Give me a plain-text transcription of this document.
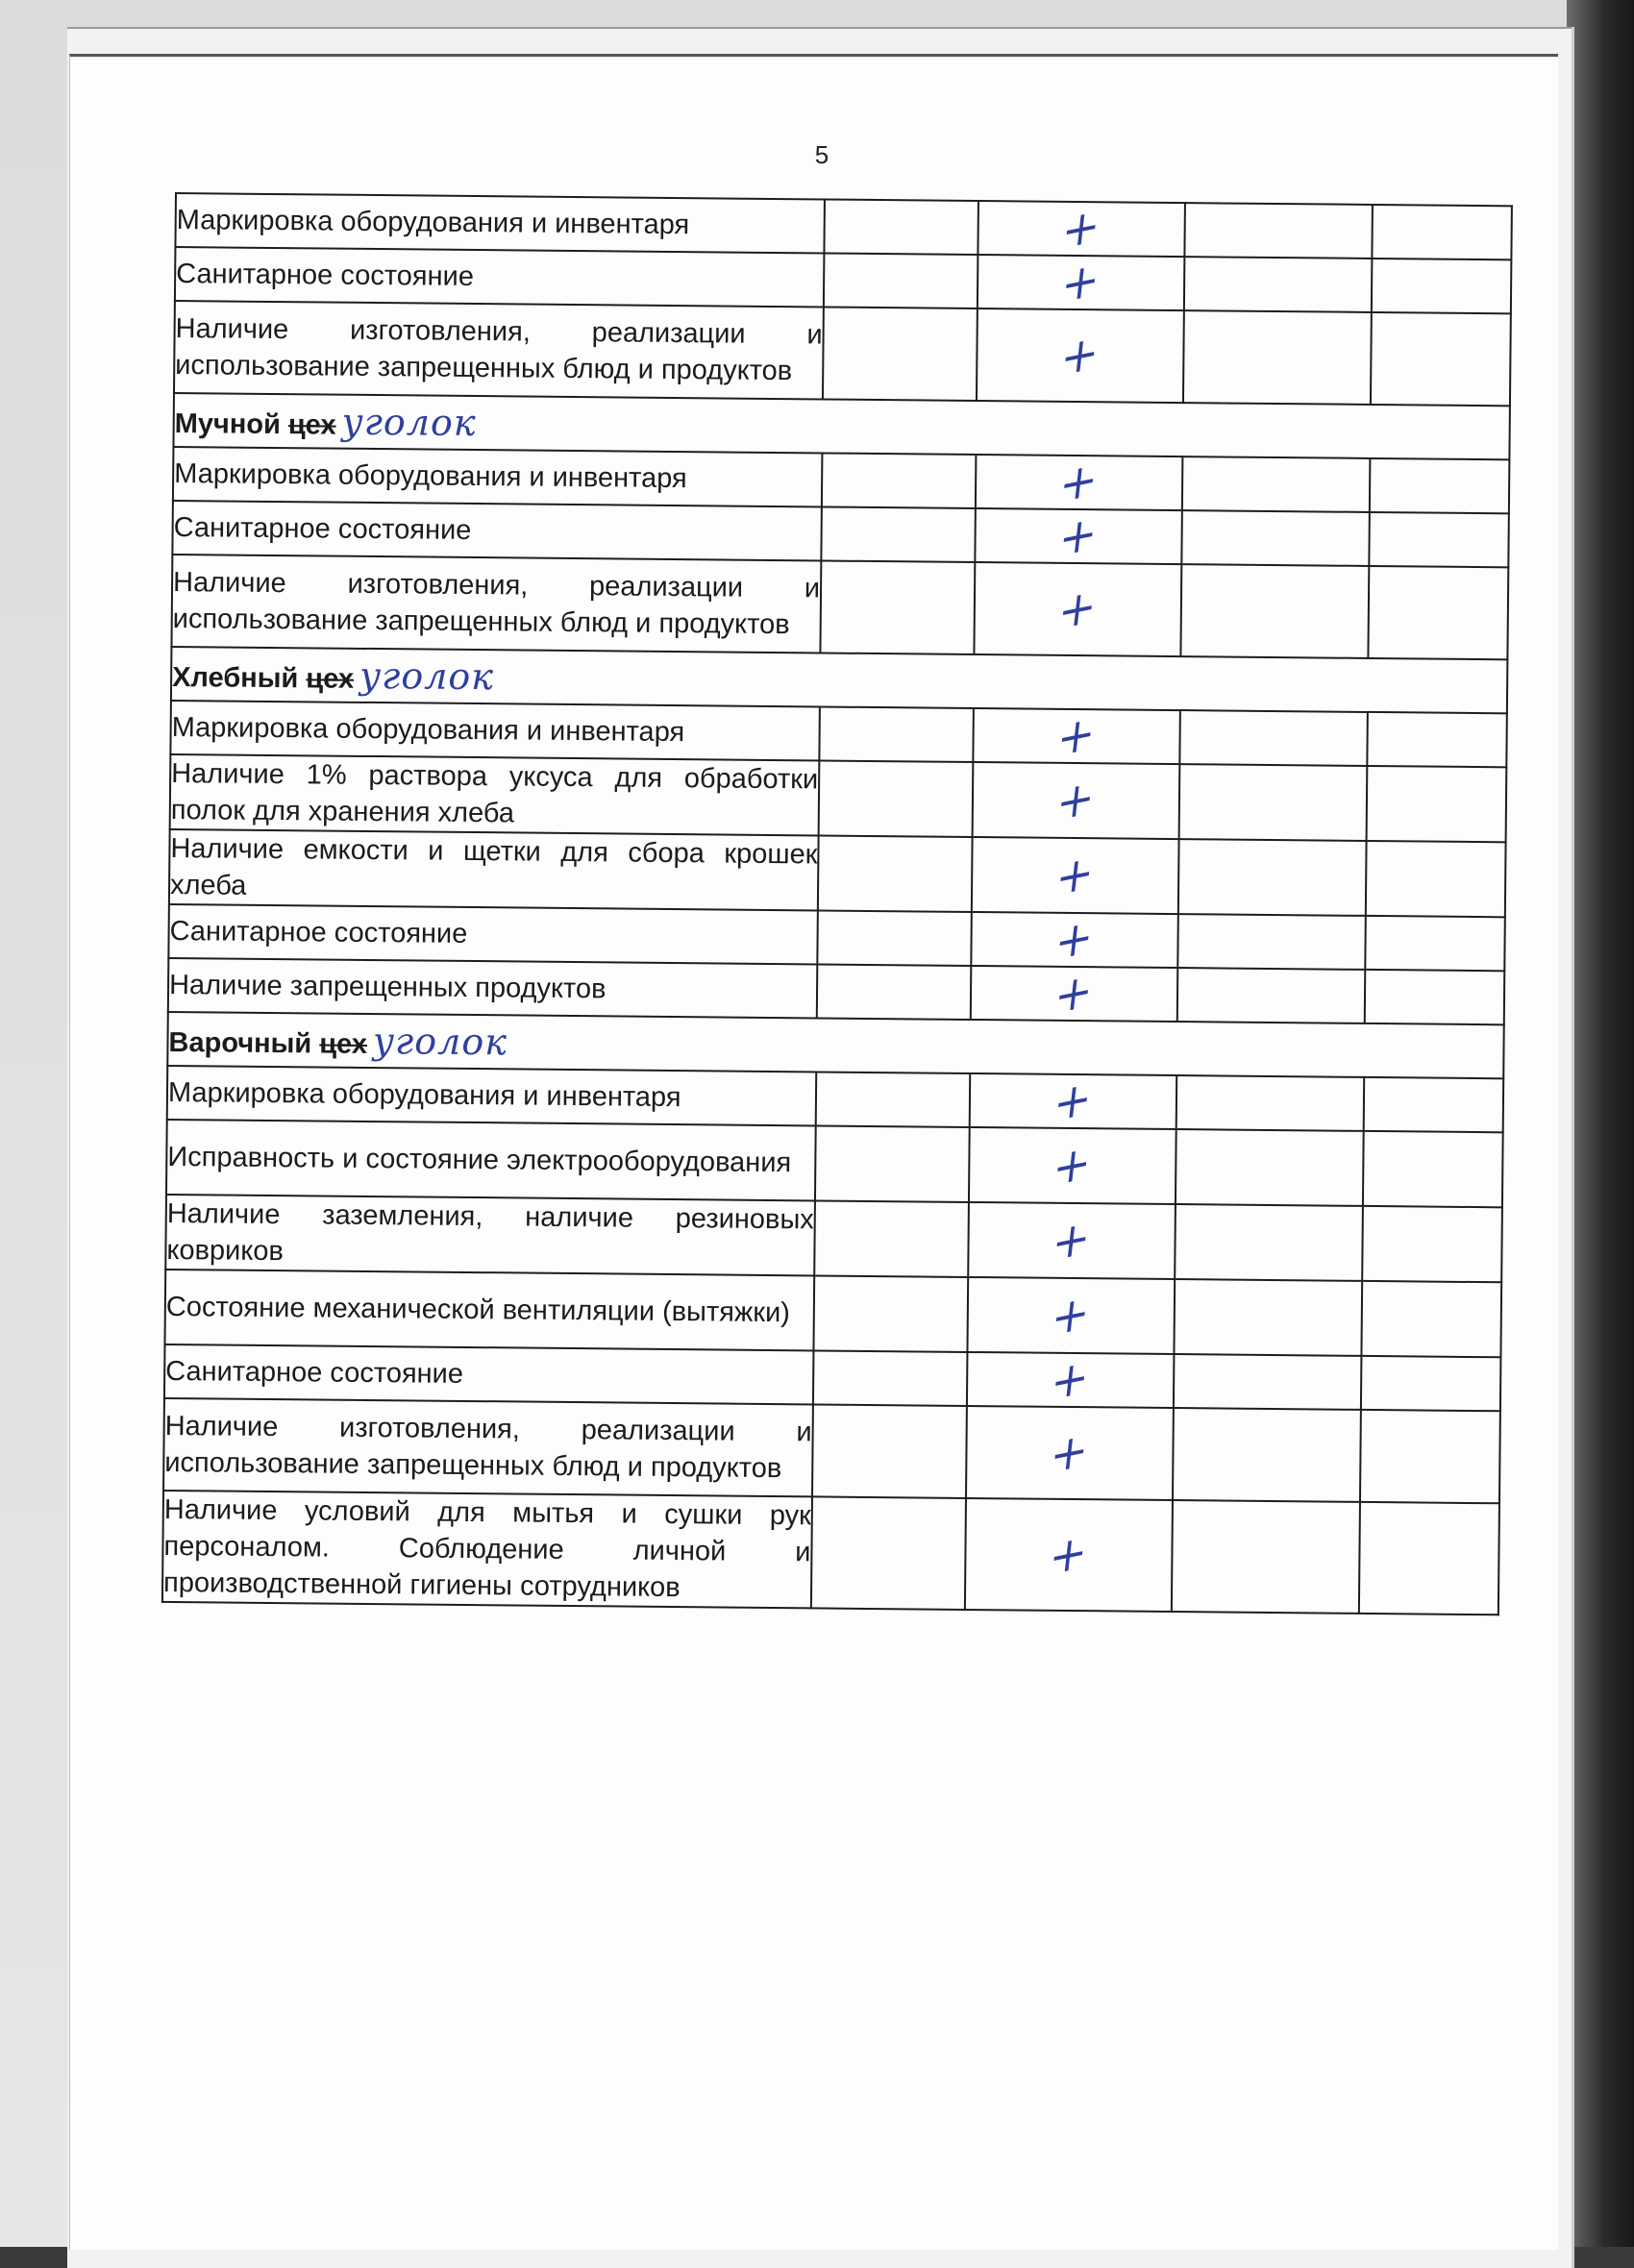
5
Маркировка оборудования и инвентаря		+		
Санитарное состояние		+		
Наличие изготовления, реализации и использование запрещенных блюд и продуктов		+		
Мучной цех уголок				
Маркировка оборудования и инвентаря		+		
Санитарное состояние		+		
Наличие изготовления, реализации и использование запрещенных блюд и продуктов		+		
Хлебный цех уголок				
Маркировка оборудования и инвентаря		+		
Наличие 1% раствора уксуса для обработки полок для хранения хлеба		+		
Наличие емкости и щетки для сбора крошек хлеба		+		
Санитарное состояние		+		
Наличие запрещенных продуктов		+		
Варочный цех уголок				
Маркировка оборудования и инвентаря		+		
Исправность и состояние электрооборудования		+		
Наличие заземления, наличие резиновых ковриков		+		
Состояние механической вентиляции (вытяжки)		+		
Санитарное состояние		+		
Наличие изготовления, реализации и использование запрещенных блюд и продуктов		+		
Наличие условий для мытья и сушки рук персоналом. Соблюдение личной и производственной гигиены сотрудников		+		
